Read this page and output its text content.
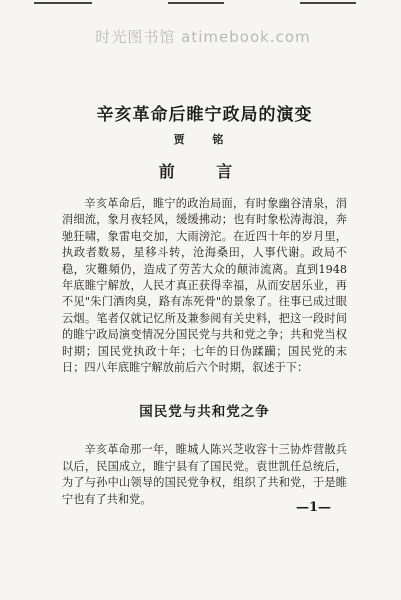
时光图书馆 atimebook.com
辛亥革命后睢宁政局的演变
贾 铭
前 言

辛亥革命后，睢宁的政治局面，有时象幽谷清泉，涓涓细流，象月夜轻风，缓缓拂动；也有时象松涛海浪，奔驰狂啸，象雷电交加，大雨滂沱。在近四十年的岁月里，执政者数易，星移斗转，沧海桑田，人事代谢。政局不稳，灾難頻仍，造成了劳苦大众的颠沛流离。直到1948年底睢宁解放，人民才真正获得幸福，从而安居乐业，再不见"朱门酒肉臭，路有冻死骨"的景象了。往事已成过眼云烟。笔者仅就记忆所及兼参阅有关史料，把这一段时间的睢宁政局演变情况分国民党与共和党之争；共和党当权时期；国民党执政十年；七年的日伪蹂躏；国民党的末日；四八年底睢宁解放前后六个时期，叙述于下：

国民党与共和党之争

辛亥革命那一年，睢城人陈兴芝收容十三协炸营散兵以后，民国成立，睢宁县有了国民党。袁世凯任总统后，为了与孙中山领导的国民党争权，组织了共和党，于是睢宁也有了共和党。

—1—
